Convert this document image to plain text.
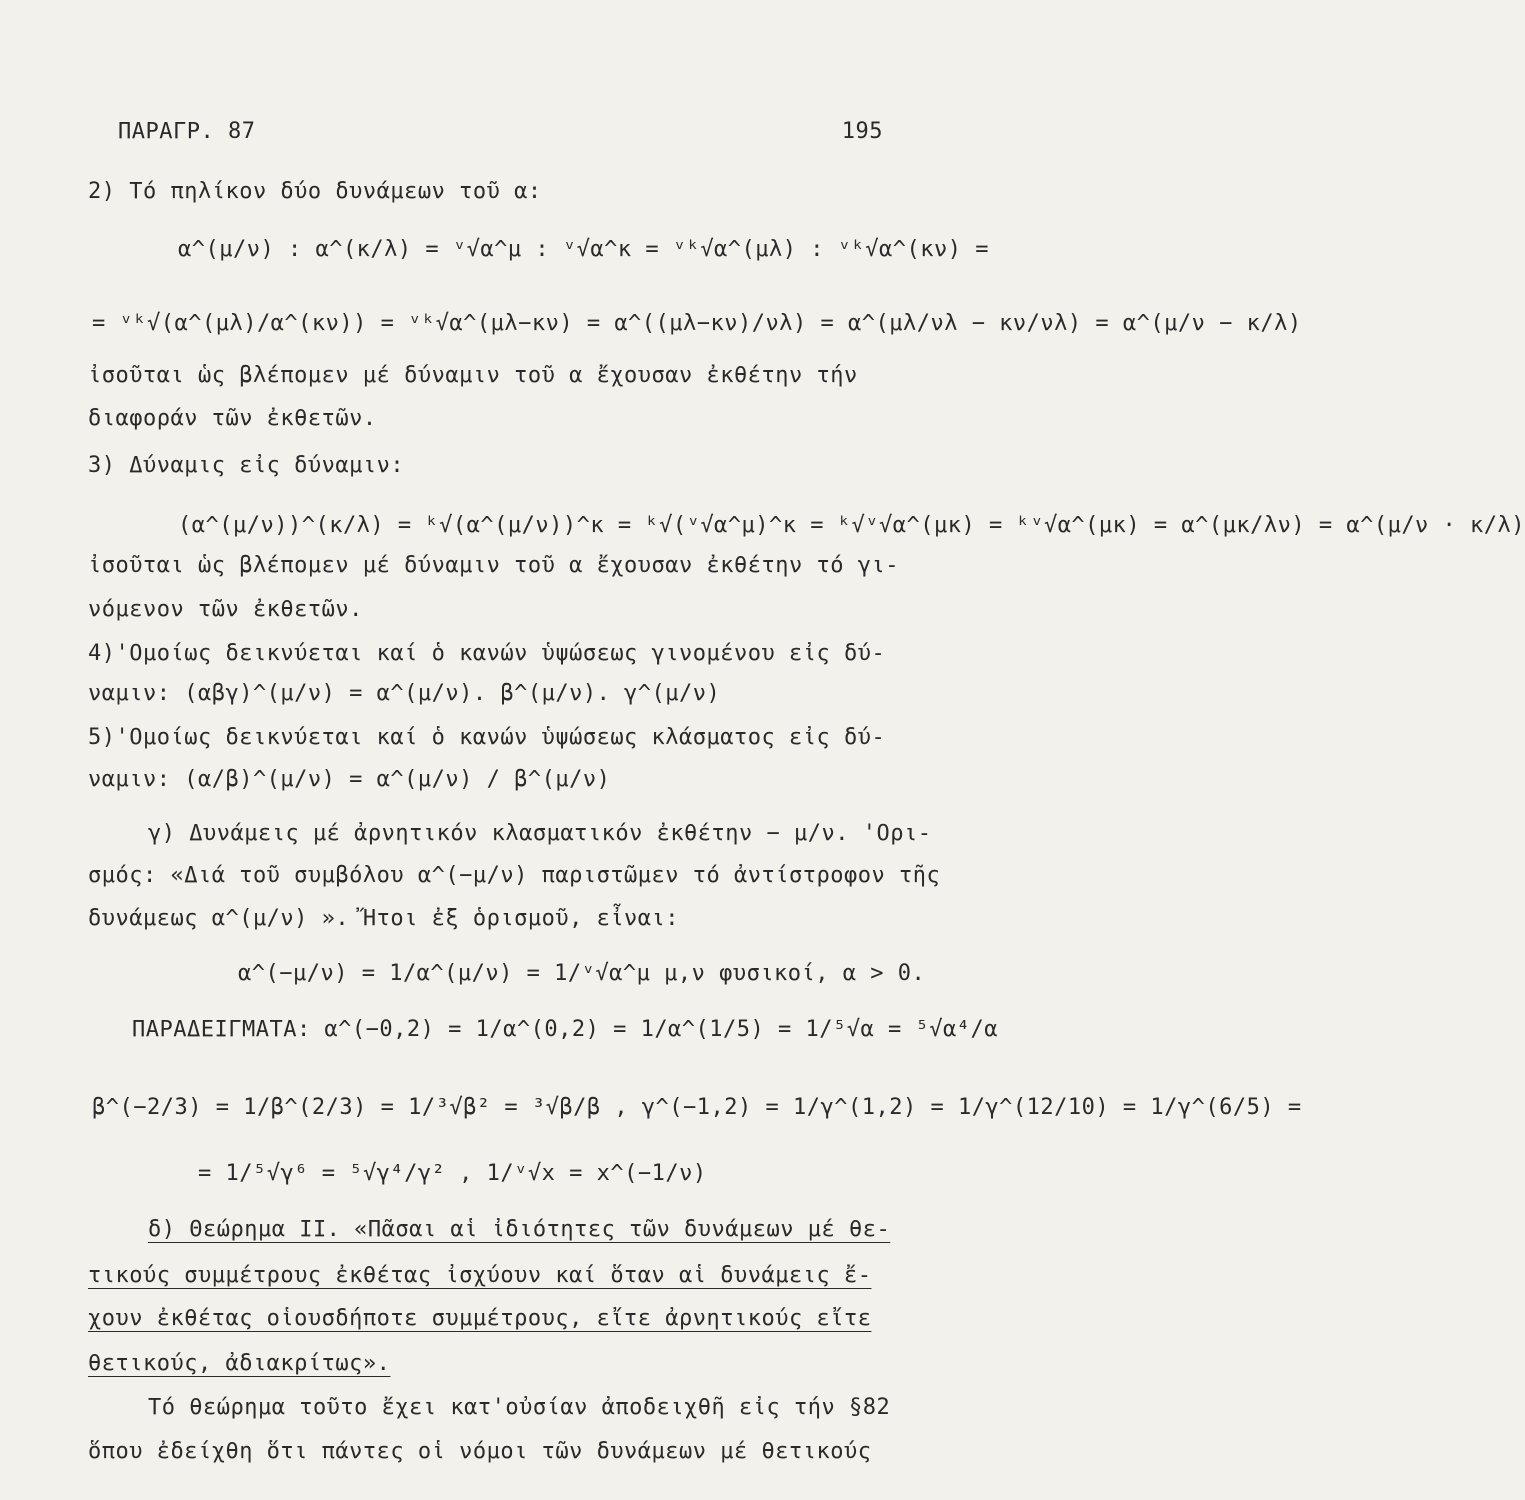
ΠΑΡΑΓΡ. 87	195
2) Τό πηλίκον δύο δυνάμεων τοῦ α:
α^(μ/ν) : α^(κ/λ) = ᵛ√α^μ : ᵛ√α^κ = ᵛᵏ√α^(μλ) : ᵛᵏ√α^(κν) =
= ᵛᵏ√(α^(μλ)/α^(κν)) = ᵛᵏ√α^(μλ−κν) = α^((μλ−κν)/νλ) = α^(μλ/νλ − κν/νλ) = α^(μ/ν − κ/λ)
ἰσοῦται ὡς βλέπομεν μέ δύναμιν τοῦ α ἔχουσαν ἐκθέτην τήν
διαφοράν τῶν ἐκθετῶν.
3) Δύναμις εἰς δύναμιν:
(α^(μ/ν))^(κ/λ) = ᵏ√(α^(μ/ν))^κ = ᵏ√(ᵛ√α^μ)^κ = ᵏ√ᵛ√α^(μκ) = ᵏᵛ√α^(μκ) = α^(μκ/λν) = α^(μ/ν · κ/λ)
ἰσοῦται ὡς βλέπομεν μέ δύναμιν τοῦ α ἔχουσαν ἐκθέτην τό γι-
νόμενον τῶν ἐκθετῶν.
4)'Ομοίως δεικνύεται καί ὁ κανών ὑψώσεως γινομένου εἰς δύ-
ναμιν: (αβγ)^(μ/ν) = α^(μ/ν). β^(μ/ν). γ^(μ/ν)
5)'Ομοίως δεικνύεται καί ὁ κανών ὑψώσεως κλάσματος εἰς δύ-
ναμιν: (α/β)^(μ/ν) = α^(μ/ν) / β^(μ/ν)
γ) Δυνάμεις μέ ἀρνητικόν κλασματικόν ἐκθέτην − μ/ν. 'Ορι-
σμός: «Διά τοῦ συμβόλου α^(−μ/ν) παριστῶμεν τό ἀντίστροφον τῆς
δυνάμεως α^(μ/ν) ». Ἤτοι ἐξ ὁρισμοῦ, εἶναι:
α^(−μ/ν) = 1/α^(μ/ν) = 1/ᵛ√α^μ μ,ν φυσικοί, α > 0.
ΠΑΡΑΔΕΙΓΜΑΤΑ: α^(−0,2) = 1/α^(0,2) = 1/α^(1/5) = 1/⁵√α = ⁵√α⁴/α
β^(−2/3) = 1/β^(2/3) = 1/³√β² = ³√β/β , γ^(−1,2) = 1/γ^(1,2) = 1/γ^(12/10) = 1/γ^(6/5) =
= 1/⁵√γ⁶ = ⁵√γ⁴/γ² , 1/ᵛ√x = x^(−1/ν)
δ) Θεώρημα ΙΙ. «Πᾶσαι αἱ ἰδιότητες τῶν δυνάμεων μέ θε-
τικούς συμμέτρους ἐκθέτας ἰσχύουν καί ὅταν αἱ δυνάμεις ἔ-
χουν ἐκθέτας οἱουσδήποτε συμμέτρους, εἴτε ἀρνητικούς εἴτε
θετικούς, ἀδιακρίτως».
Τό θεώρημα τοῦτο ἔχει κατ'οὐσίαν ἀποδειχθῆ εἰς τήν §82
ὅπου ἐδείχθη ὅτι πάντες οἱ νόμοι τῶν δυνάμεων μέ θετικούς
